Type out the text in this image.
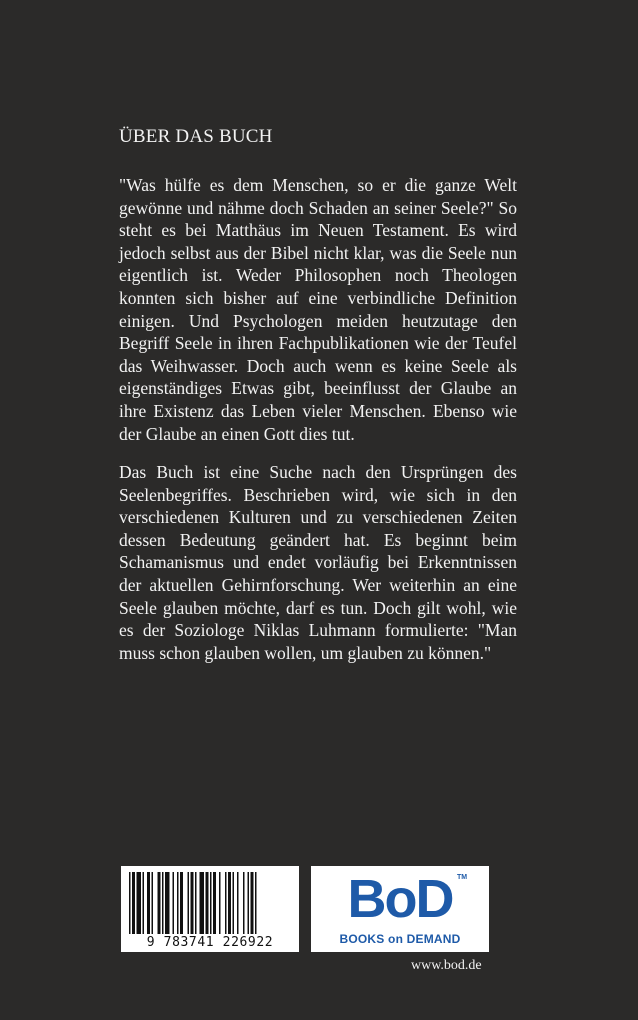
ÜBER DAS BUCH

"Was hülfe es dem Menschen, so er die ganze Welt gewönne und nähme doch Schaden an seiner Seele?" So steht es bei Matthäus im Neuen Testament. Es wird jedoch selbst aus der Bibel nicht klar, was die Seele nun eigentlich ist. Weder Philosophen noch Theologen konnten sich bisher auf eine verbindliche Definition einigen. Und Psychologen meiden heutzutage den Begriff Seele in ihren Fachpublikationen wie der Teufel das Weihwasser. Doch auch wenn es keine Seele als eigenständiges Etwas gibt, beeinflusst der Glaube an ihre Existenz das Leben vieler Menschen. Ebenso wie der Glaube an einen Gott dies tut.

Das Buch ist eine Suche nach den Ursprüngen des Seelenbegriffes. Beschrieben wird, wie sich in den verschiedenen Kulturen und zu verschiedenen Zeiten dessen Bedeutung geändert hat. Es beginnt beim Schamanismus und endet vorläufig bei Erkenntnissen der aktuellen Gehirnforschung. Wer weiterhin an eine Seele glauben möchte, darf es tun. Doch gilt wohl, wie es der Soziologe Niklas Luhmann formulierte: "Man muss schon glauben wollen, um glauben zu können."

9 783741 226922
BoD TM
BOOKS on DEMAND

www.bod.de
